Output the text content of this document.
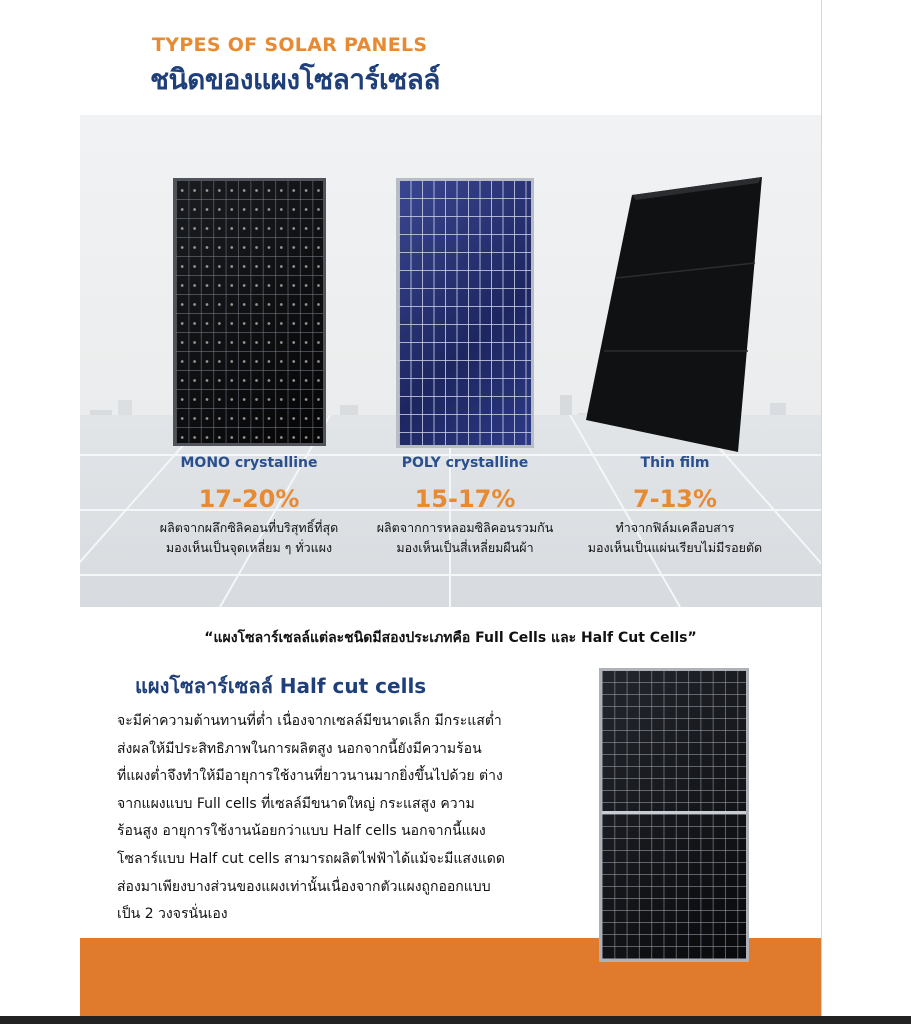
TYPES OF SOLAR PANELS
ชนิดของแผงโซลาร์เซลล์
MONO crystalline	POLY crystalline	Thin film
17-20%	15-17%	7-13%
ผลิตจากผลึกซิลิคอนที่บริสุทธิ์ที่สุด
มองเห็นเป็นจุดเหลี่ยม ๆ ทั่วแผง
ผลิตจากการหลอมซิลิคอนรวมกัน
มองเห็นเป็นสี่เหลี่ยมผืนผ้า
ทำจากฟิล์มเคลือบสาร
มองเห็นเป็นแผ่นเรียบไม่มีรอยตัด
“แผงโซลาร์เซลล์แต่ละชนิดมีสองประเภทคือ Full Cells และ Half Cut Cells”
แผงโซลาร์เซลล์ Half cut cells
จะมีค่าความต้านทานที่ต่ำ เนื่องจากเซลล์มีขนาดเล็ก มีกระแสต่ำ
ส่งผลให้มีประสิทธิภาพในการผลิตสูง นอกจากนี้ยังมีความร้อน
ที่แผงต่ำจึงทำให้มีอายุการใช้งานที่ยาวนานมากยิ่งขึ้นไปด้วย ต่าง
จากแผงแบบ Full cells ที่เซลล์มีขนาดใหญ่ กระแสสูง ความ
ร้อนสูง อายุการใช้งานน้อยกว่าแบบ Half cells นอกจากนี้แผง
โซลาร์แบบ Half cut cells สามารถผลิตไฟฟ้าได้แม้จะมีแสงแดด
ส่องมาเพียงบางส่วนของแผงเท่านั้นเนื่องจากตัวแผงถูกออกแบบ
เป็น 2 วงจรนั่นเอง
